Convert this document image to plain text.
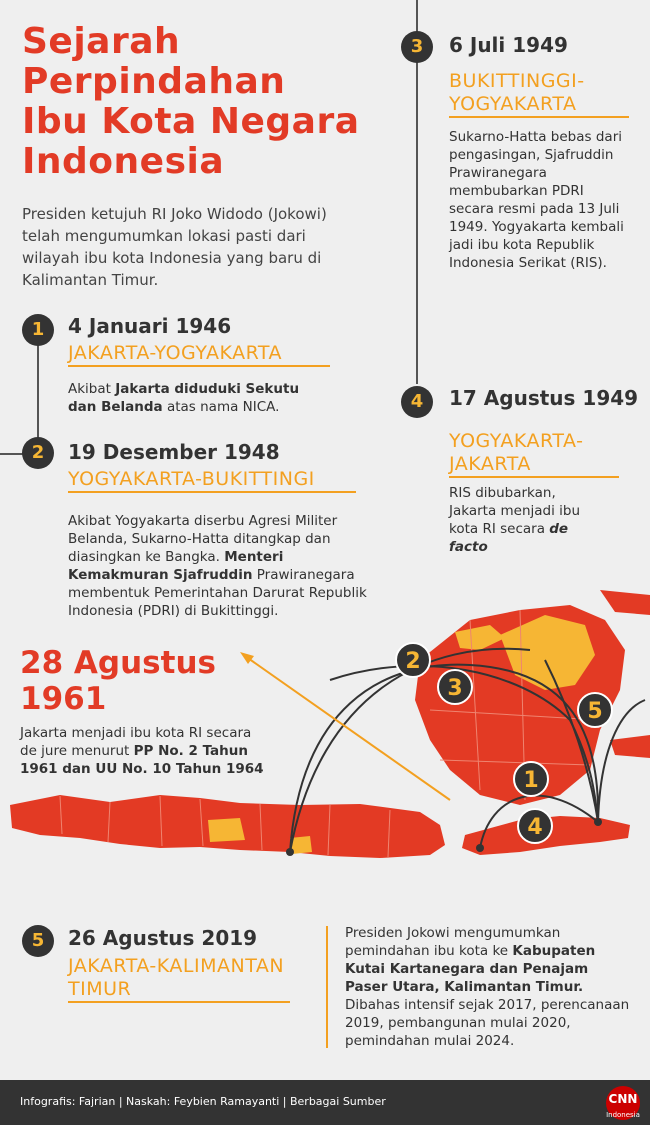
Sejarah
Perpindahan
Ibu Kota Negara
Indonesia
Presiden ketujuh RI Joko Widodo (Jokowi) telah mengumumkan lokasi pasti dari wilayah ibu kota Indonesia yang baru di Kalimantan Timur.
1	4 Januari 1946
JAKARTA-YOGYAKARTA
Akibat Jakarta diduduki Sekutu dan Belanda atas nama NICA.
2	19 Desember 1948
YOGYAKARTA-BUKITTINGI
Akibat Yogyakarta diserbu Agresi Militer Belanda, Sukarno-Hatta ditangkap dan diasingkan ke Bangka. Menteri Kemakmuran Sjafruddin Prawiranegara membentuk Pemerintahan Darurat Republik Indonesia (PDRI) di Bukittinggi.
3	6 Juli 1949
BUKITTINGGI-YOGYAKARTA
Sukarno-Hatta bebas dari pengasingan, Sjafruddin Prawiranegara membubarkan PDRI secara resmi pada 13 Juli 1949. Yogyakarta kembali jadi ibu kota Republik Indonesia Serikat (RIS).
4	17 Agustus 1949
YOGYAKARTA-JAKARTA
RIS dibubarkan, Jakarta menjadi ibu kota RI secara de facto
28 Agustus 1961
Jakarta menjadi ibu kota RI secara de jure menurut PP No. 2 Tahun 1961 dan UU No. 10 Tahun 1964
2
3
5
1
4
5	26 Agustus 2019
JAKARTA-KALIMANTAN TIMUR
Presiden Jokowi mengumumkan pemindahan ibu kota ke Kabupaten Kutai Kartanegara dan Penajam Paser Utara, Kalimantan Timur. Dibahas intensif sejak 2017, perencanaan 2019, pembangunan mulai 2020, pemindahan mulai 2024.
Infografis: Fajrian | Naskah: Feybien Ramayanti | Berbagai Sumber	CNN
Indonesia
